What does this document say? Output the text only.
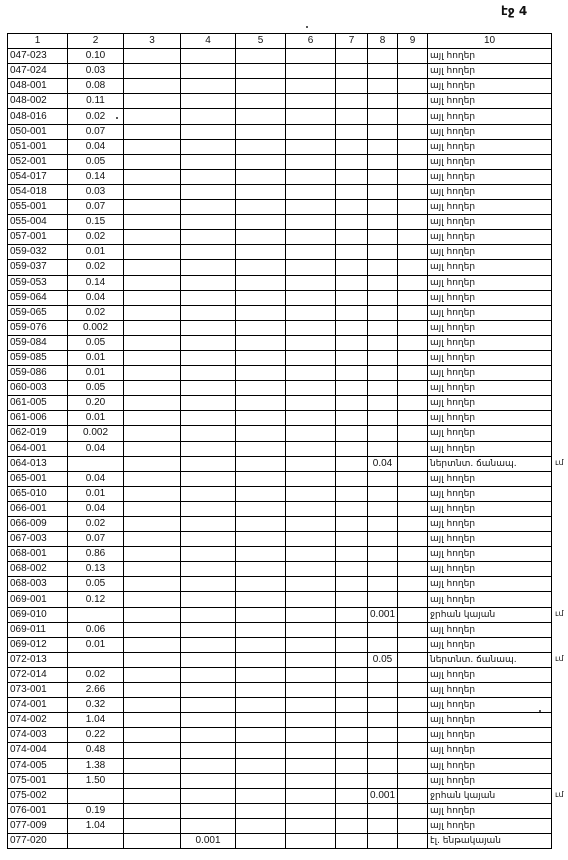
էջ 4
1	2	3	4	5	6	7	8	9	10
047-023	0.10								այլ հողեր
047-024	0.03								այլ հողեր
048-001	0.08								այլ հողեր
048-002	0.11								այլ հողեր
048-016	0.02								այլ հողեր
050-001	0.07								այլ հողեր
051-001	0.04								այլ հողեր
052-001	0.05								այլ հողեր
054-017	0.14								այլ հողեր
054-018	0.03								այլ հողեր
055-001	0.07								այլ հողեր
055-004	0.15								այլ հողեր
057-001	0.02								այլ հողեր
059-032	0.01								այլ հողեր
059-037	0.02								այլ հողեր
059-053	0.14								այլ հողեր
059-064	0.04								այլ հողեր
059-065	0.02								այլ հողեր
059-076	0.002								այլ հողեր
059-084	0.05								այլ հողեր
059-085	0.01								այլ հողեր
059-086	0.01								այլ հողեր
060-003	0.05								այլ հողեր
061-005	0.20								այլ հողեր
061-006	0.01								այլ հողեր
062-019	0.002								այլ հողեր
064-001	0.04								այլ հողեր
064-013							0.04		ներտնտ. ճանապ.
065-001	0.04								այլ հողեր
065-010	0.01								այլ հողեր
066-001	0.04								այլ հողեր
066-009	0.02								այլ հողեր
067-003	0.07								այլ հողեր
068-001	0.86								այլ հողեր
068-002	0.13								այլ հողեր
068-003	0.05								այլ հողեր
069-001	0.12								այլ հողեր
069-010							0.001		ջրհան կայան
069-011	0.06								այլ հողեր
069-012	0.01								այլ հողեր
072-013							0.05		ներտնտ. ճանապ.
072-014	0.02								այլ հողեր
073-001	2.66								այլ հողեր
074-001	0.32								այլ հողեր
074-002	1.04								այլ հողեր
074-003	0.22								այլ հողեր
074-004	0.48								այլ հողեր
074-005	1.38								այլ հողեր
075-001	1.50								այլ հողեր
075-002							0.001		ջրհան կայան
076-001	0.19								այլ հողեր
077-009	1.04								այլ հողեր
077-020			0.001						էլ. ենթակայան
ւմ
ւմ
ւմ
ւմ
